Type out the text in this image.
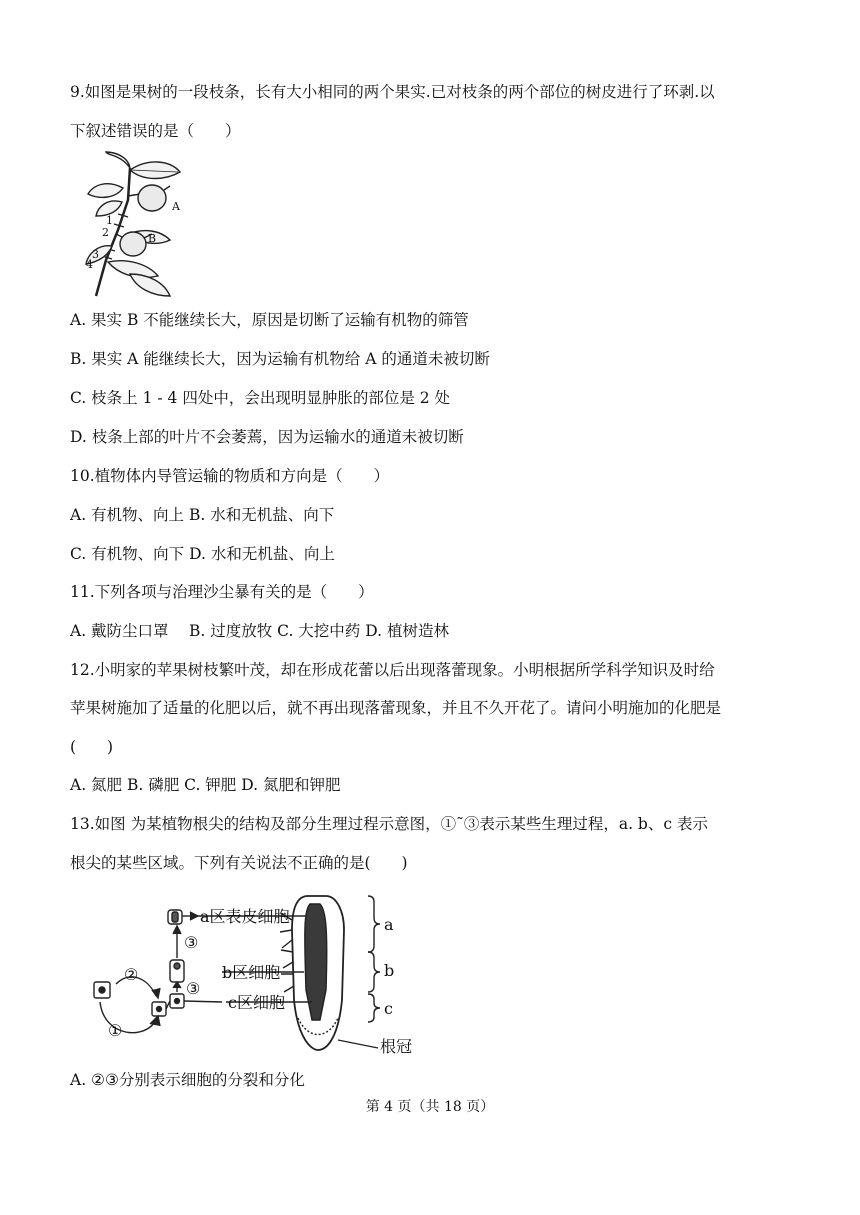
9.如图是果树的一段枝条，长有大小相同的两个果实.已对枝条的两个部位的树皮进行了环剥.以
下叙述错误的是（　　）
A
B
1
2
3
4
A. 果实 B 不能继续长大，原因是切断了运输有机物的筛管
B. 果实 A 能继续长大，因为运输有机物给 A 的通道未被切断
C. 枝条上 1 - 4 四处中，会出现明显肿胀的部位是 2 处
D. 枝条上部的叶片不会萎蔫，因为运输水的通道未被切断
10.植物体内导管运输的物质和方向是（　　）
A. 有机物、向上 B. 水和无机盐、向下
C. 有机物、向下 D. 水和无机盐、向上
11.下列各项与治理沙尘暴有关的是（　　）
A. 戴防尘口罩　 B. 过度放牧 C. 大挖中药 D. 植树造林
12.小明家的苹果树枝繁叶茂，却在形成花蕾以后出现落蕾现象。小明根据所学科学知识及时给
苹果树施加了适量的化肥以后，就不再出现落蕾现象，并且不久开花了。请问小明施加的化肥是
(　　)
A. 氮肥 B. 磷肥 C. 钾肥 D. 氮肥和钾肥
13.如图 为某植物根尖的结构及部分生理过程示意图，①˜③表示某些生理过程，a. b、c 表示
根尖的某些区域。下列有关说法不正确的是(　　)
a区表皮细胞
b区细胞
c区细胞
③
③
②
①
a
b
c
根冠
A. ②③分别表示细胞的分裂和分化
第 4 页（共 18 页）
